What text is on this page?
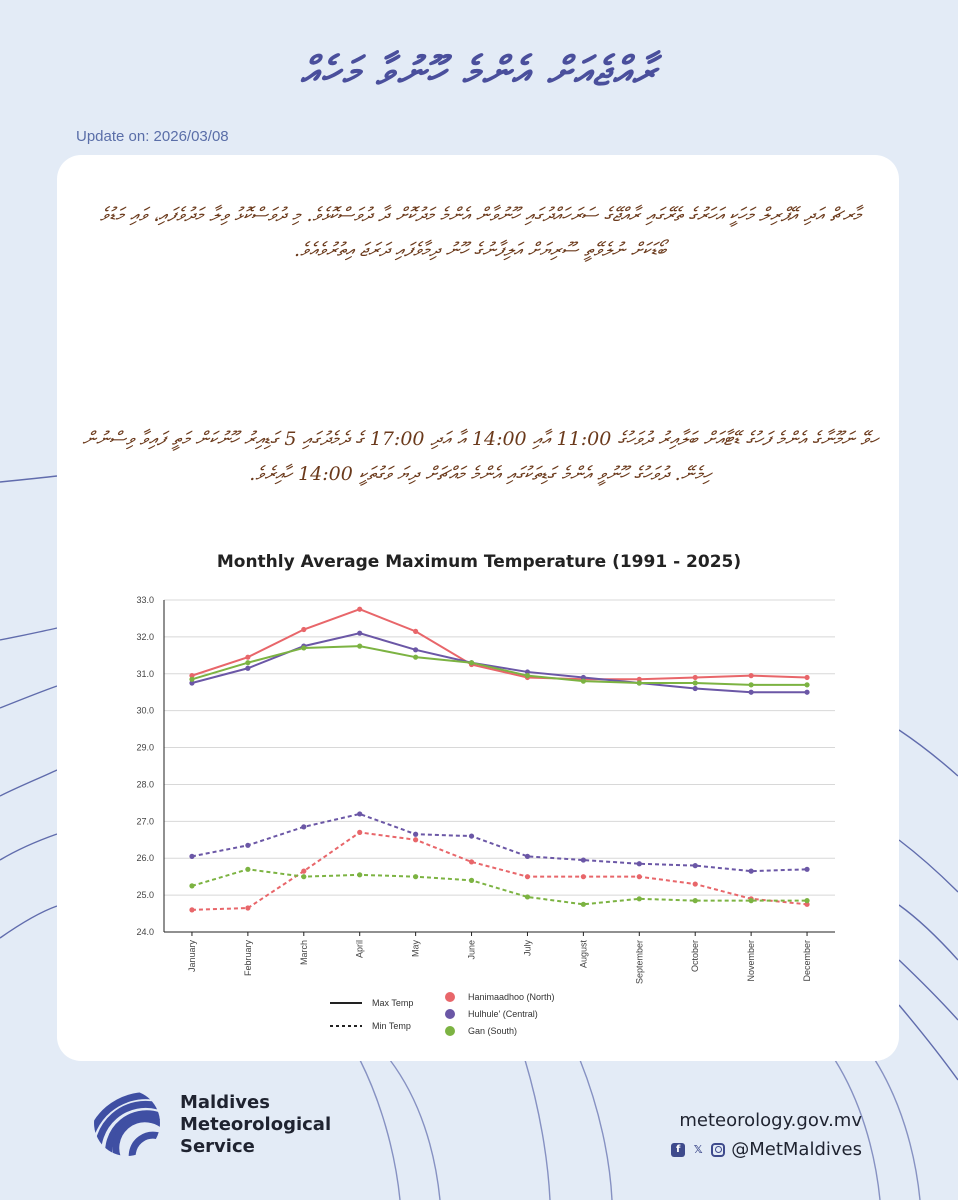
ރާއްޖެއަށް އެންމެ ހޫނުވާ މަހެއް
Update on: 2026/03/08
މާރޗް އަދި އޭޕްރިލް މަހަކީ އަހަރުގެ ތެރޭގައި ރާއްޖޭގެ ސަރަހައްދުގައި ހޫނުވާން އެންމެ މަދުކޮށް ދާ ދުވަސްކޮޅެވެ. މި ދުވަސްކޮޅު ވިލާ މަދުވެފައި، ވައި މަޑުވެ ބޯޑަކަށް ނުލެވޭތީ ސޫރިޔަށް އަލިފާނުގެ ހޫނު ދިމާވެފައި ދަރަޖަ އިތުރުވެއެވެ.
ހވޭ ނަމޫނާގެ އެންމެ ފަހުގެ ޑޭޓާއަށް ބަލާއިރު ދުވަހުގެ 11:00 އާއި 14:00 އާ އަދި 17:00 ގެ ދެމެދުގައި 5 ގަޑިއިރު ހޫނުކަން މަތީ ފައިވާ ވިސްނުން ހިމެނޭ. ދުވަހުގެ ހޫނުވީ އެންމެ ގަޑިތަކުގައި އެންމެ މައްޗަށް ދިޔަ ވަގުތަކީ 14:00 ހާއިރެވެ.
Monthly Average Maximum Temperature (1991 - 2025)
24.0
25.0
26.0
27.0
28.0
29.0
30.0
31.0
32.0
33.0
January	February	March	April	May	June	July	August	September	October	November	December
Max Temp
Min Temp
Hanimaadhoo (North)
Hulhule' (Central)
Gan (South)
Maldives
Meteorological
Service
meteorology.gov.mv
f	𝕏 @MetMaldives
